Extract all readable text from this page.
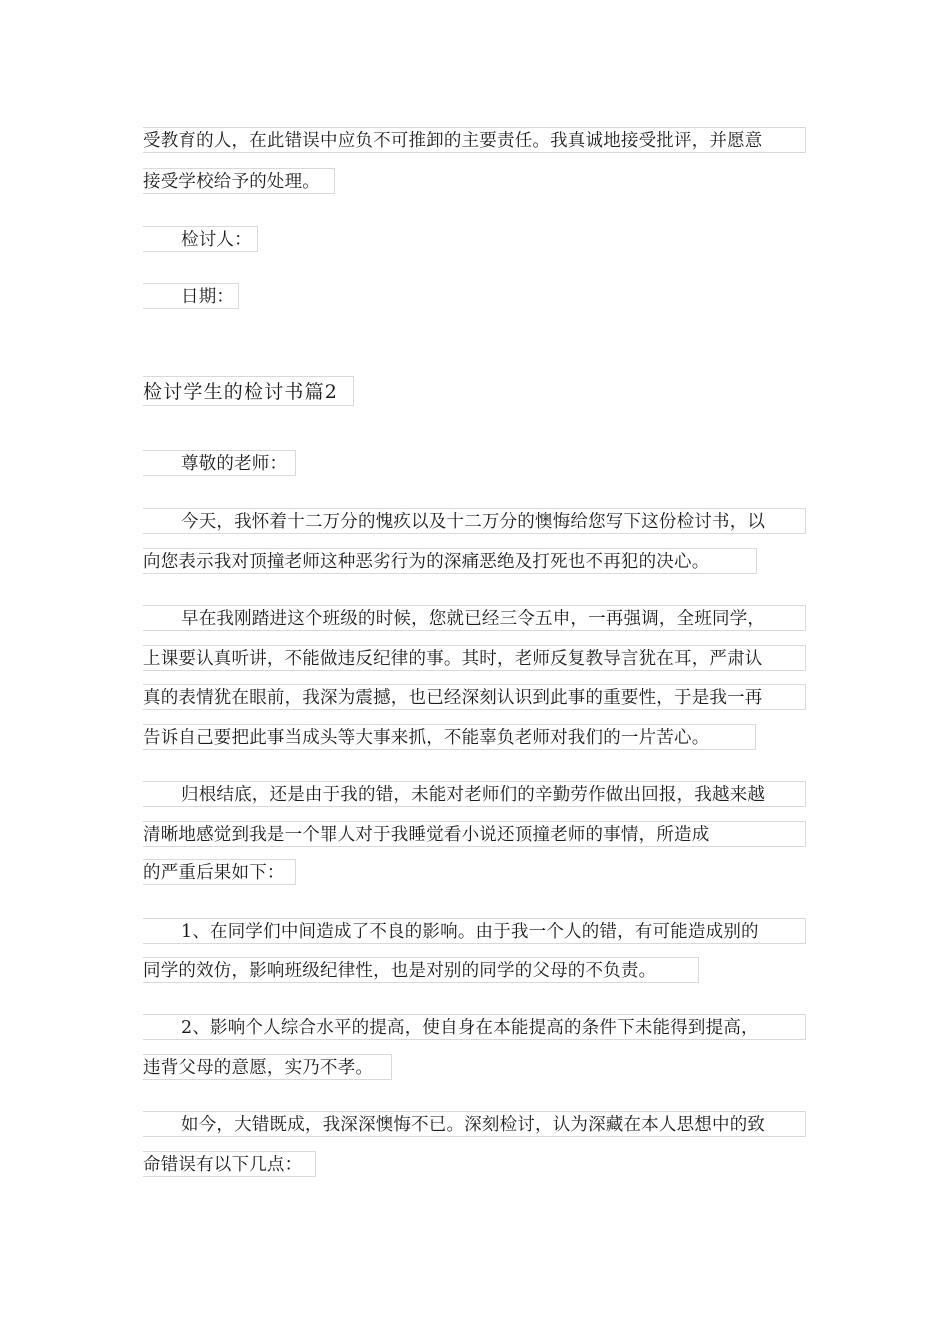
受教育的人，在此错误中应负不可推卸的主要责任。我真诚地接受批评，并愿意
接受学校给予的处理。
检讨人：
日期：
检讨学生的检讨书篇2
尊敬的老师：
今天，我怀着十二万分的愧疚以及十二万分的懊悔给您写下这份检讨书，以
向您表示我对顶撞老师这种恶劣行为的深痛恶绝及打死也不再犯的决心。
早在我刚踏进这个班级的时候，您就已经三令五申，一再强调，全班同学，
上课要认真听讲，不能做违反纪律的事。其时，老师反复教导言犹在耳，严肃认
真的表情犹在眼前，我深为震撼，也已经深刻认识到此事的重要性，于是我一再
告诉自己要把此事当成头等大事来抓，不能辜负老师对我们的一片苦心。
归根结底，还是由于我的错，未能对老师们的辛勤劳作做出回报，我越来越
清晰地感觉到我是一个罪人对于我睡觉看小说还顶撞老师的事情，所造成
的严重后果如下：
1、在同学们中间造成了不良的影响。由于我一个人的错，有可能造成别的
同学的效仿，影响班级纪律性，也是对别的同学的父母的不负责。
2、影响个人综合水平的提高，使自身在本能提高的条件下未能得到提高，
违背父母的意愿，实乃不孝。
如今，大错既成，我深深懊悔不已。深刻检讨，认为深藏在本人思想中的致
命错误有以下几点：
